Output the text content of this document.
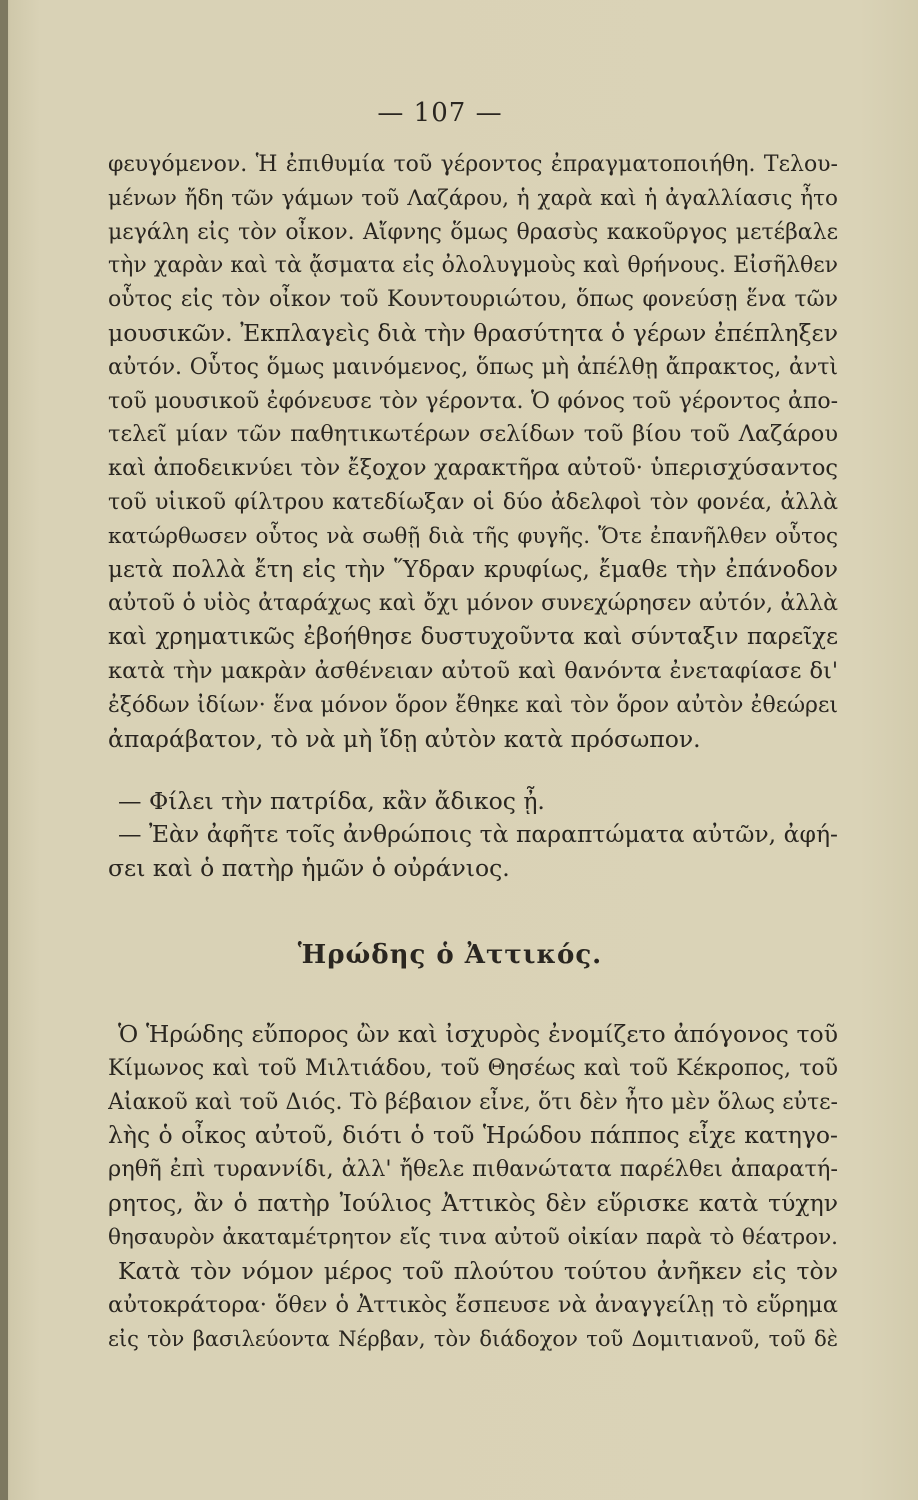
— 107 —
φευγόμενον. Ἡ ἐπιθυμία τοῦ γέροντος ἐπραγματοποιήθη. Τελου-
μένων ἤδη τῶν γάμων τοῦ Λαζάρου, ἡ χαρὰ καὶ ἡ ἀγαλλίασις ἦτο
μεγάλη εἰς τὸν οἶκον. Αἴφνης ὅμως θρασὺς κακοῦργος μετέβαλε
τὴν χαρὰν καὶ τὰ ᾄσματα εἰς ὀλολυγμοὺς καὶ θρήνους. Εἰσῆλθεν
οὗτος εἰς τὸν οἶκον τοῦ Κουντουριώτου, ὅπως φονεύσῃ ἕνα τῶν
μουσικῶν. Ἐκπλαγεὶς διὰ τὴν θρασύτητα ὁ γέρων ἐπέπληξεν
αὐτόν. Οὗτος ὅμως μαινόμενος, ὅπως μὴ ἀπέλθῃ ἄπρακτος, ἀντὶ
τοῦ μουσικοῦ ἐφόνευσε τὸν γέροντα. Ὁ φόνος τοῦ γέροντος ἀπο-
τελεῖ μίαν τῶν παθητικωτέρων σελίδων τοῦ βίου τοῦ Λαζάρου
καὶ ἀποδεικνύει τὸν ἔξοχον χαρακτῆρα αὐτοῦ· ὑπερισχύσαντος
τοῦ υἱικοῦ φίλτρου κατεδίωξαν οἱ δύο ἀδελφοὶ τὸν φονέα, ἀλλὰ
κατώρθωσεν οὗτος νὰ σωθῇ διὰ τῆς φυγῆς. Ὅτε ἐπανῆλθεν οὗτος
μετὰ πολλὰ ἔτη εἰς τὴν Ὕδραν κρυφίως, ἔμαθε τὴν ἐπάνοδον
αὐτοῦ ὁ υἱὸς ἀταράχως καὶ ὄχι μόνον συνεχώρησεν αὐτόν, ἀλλὰ
καὶ χρηματικῶς ἐβοήθησε δυστυχοῦντα καὶ σύνταξιν παρεῖχε
κατὰ τὴν μακρὰν ἀσθένειαν αὐτοῦ καὶ θανόντα ἐνεταφίασε δι'
ἐξόδων ἰδίων· ἕνα μόνον ὅρον ἔθηκε καὶ τὸν ὅρον αὐτὸν ἐθεώρει
ἀπαράβατον, τὸ νὰ μὴ ἴδῃ αὐτὸν κατὰ πρόσωπον.
— Φίλει τὴν πατρίδα, κἂν ἄδικος ᾖ.
— Ἐὰν ἀφῆτε τοῖς ἀνθρώποις τὰ παραπτώματα αὐτῶν, ἀφή-
σει καὶ ὁ πατὴρ ἡμῶν ὁ οὐράνιος.
Ἡρώδης ὁ Ἀττικός.
Ὁ Ἡρώδης εὔπορος ὢν καὶ ἰσχυρὸς ἐνομίζετο ἀπόγονος τοῦ
Κίμωνος καὶ τοῦ Μιλτιάδου, τοῦ Θησέως καὶ τοῦ Κέκροπος, τοῦ
Αἰακοῦ καὶ τοῦ Διός. Τὸ βέβαιον εἶνε, ὅτι δὲν ἦτο μὲν ὅλως εὐτε-
λὴς ὁ οἶκος αὐτοῦ, διότι ὁ τοῦ Ἡρώδου πάππος εἶχε κατηγο-
ρηθῆ ἐπὶ τυραννίδι, ἀλλ' ἤθελε πιθανώτατα παρέλθει ἀπαρατή-
ρητος, ἂν ὁ πατὴρ Ἰούλιος Ἀττικὸς δὲν εὕρισκε κατὰ τύχην
θησαυρὸν ἀκαταμέτρητον εἴς τινα αὐτοῦ οἰκίαν παρὰ τὸ θέατρον.
Κατὰ τὸν νόμον μέρος τοῦ πλούτου τούτου ἀνῆκεν εἰς τὸν
αὐτοκράτορα· ὅθεν ὁ Ἀττικὸς ἔσπευσε νὰ ἀναγγείλῃ τὸ εὕρημα
εἰς τὸν βασιλεύοντα Νέρβαν, τὸν διάδοχον τοῦ Δομιτιανοῦ, τοῦ δὲ
